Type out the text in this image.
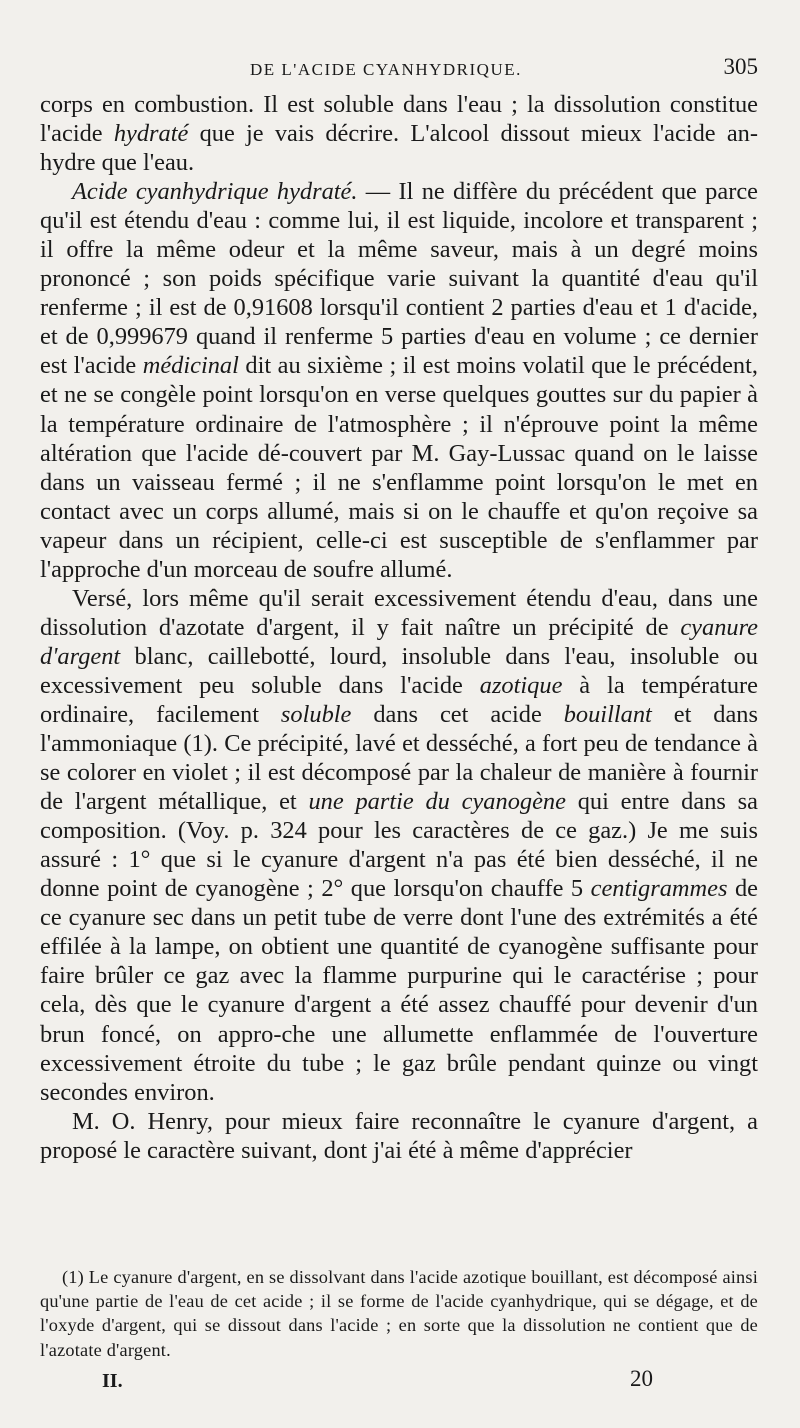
DE L'ACIDE CYANHYDRIQUE.	305

corps en combustion. Il est soluble dans l'eau ; la dissolution constitue l'acide hydraté que je vais décrire. L'alcool dissout mieux l'acide an-hydre que l'eau.

Acide cyanhydrique hydraté. — Il ne diffère du précédent que parce qu'il est étendu d'eau : comme lui, il est liquide, incolore et transparent ; il offre la même odeur et la même saveur, mais à un degré moins prononcé ; son poids spécifique varie suivant la quantité d'eau qu'il renferme ; il est de 0,91608 lorsqu'il contient 2 parties d'eau et 1 d'acide, et de 0,999679 quand il renferme 5 parties d'eau en volume ; ce dernier est l'acide médicinal dit au sixième ; il est moins volatil que le précédent, et ne se congèle point lorsqu'on en verse quelques gouttes sur du papier à la température ordinaire de l'atmosphère ; il n'éprouve point la même altération que l'acide dé-couvert par M. Gay-Lussac quand on le laisse dans un vaisseau fermé ; il ne s'enflamme point lorsqu'on le met en contact avec un corps allumé, mais si on le chauffe et qu'on reçoive sa vapeur dans un récipient, celle-ci est susceptible de s'enflammer par l'approche d'un morceau de soufre allumé.

Versé, lors même qu'il serait excessivement étendu d'eau, dans une dissolution d'azotate d'argent, il y fait naître un précipité de cyanure d'argent blanc, caillebotté, lourd, insoluble dans l'eau, insoluble ou excessivement peu soluble dans l'acide azotique à la température ordinaire, facilement soluble dans cet acide bouillant et dans l'ammoniaque (1). Ce précipité, lavé et desséché, a fort peu de tendance à se colorer en violet ; il est décomposé par la chaleur de manière à fournir de l'argent métallique, et une partie du cyanogène qui entre dans sa composition. (Voy. p. 324 pour les caractères de ce gaz.) Je me suis assuré : 1° que si le cyanure d'argent n'a pas été bien desséché, il ne donne point de cyanogène ; 2° que lorsqu'on chauffe 5 centigrammes de ce cyanure sec dans un petit tube de verre dont l'une des extrémités a été effilée à la lampe, on obtient une quantité de cyanogène suffisante pour faire brûler ce gaz avec la flamme purpurine qui le caractérise ; pour cela, dès que le cyanure d'argent a été assez chauffé pour devenir d'un brun foncé, on appro-che une allumette enflammée de l'ouverture excessivement étroite du tube ; le gaz brûle pendant quinze ou vingt secondes environ.

M. O. Henry, pour mieux faire reconnaître le cyanure d'argent, a proposé le caractère suivant, dont j'ai été à même d'apprécier

(1) Le cyanure d'argent, en se dissolvant dans l'acide azotique bouillant, est décomposé ainsi qu'une partie de l'eau de cet acide ; il se forme de l'acide cyanhydrique, qui se dégage, et de l'oxyde d'argent, qui se dissout dans l'acide ; en sorte que la dissolution ne contient que de l'azotate d'argent.

II.	20
